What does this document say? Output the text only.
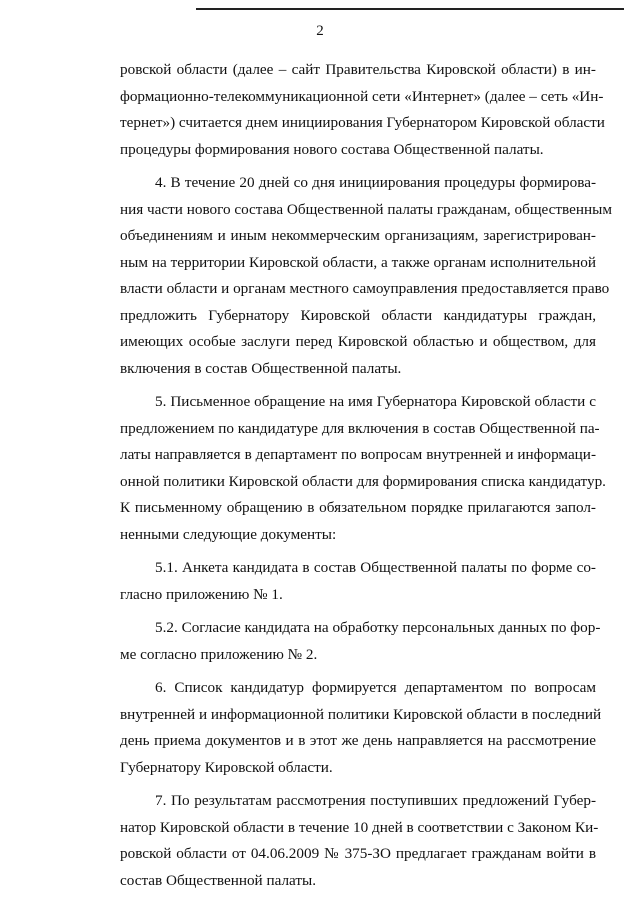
2
ровской области (далее – сайт Правительства Кировской области) в ин-
формационно-телекоммуникационной сети «Интернет» (далее – сеть «Ин-
тернет») считается днем инициирования Губернатором Кировской области
процедуры формирования нового состава Общественной палаты.
4. В течение 20 дней со дня инициирования процедуры формирова-
ния части нового состава Общественной палаты гражданам, общественным
объединениям и иным некоммерческим организациям, зарегистрирован-
ным на территории Кировской области, а также органам исполнительной
власти области и органам местного самоуправления предоставляется право
предложить Губернатору Кировской области кандидатуры граждан,
имеющих особые заслуги перед Кировской областью и обществом, для
включения в состав Общественной палаты.
5. Письменное обращение на имя Губернатора Кировской области с
предложением по кандидатуре для включения в состав Общественной па-
латы направляется в департамент по вопросам внутренней и информаци-
онной политики Кировской области для формирования списка кандидатур.
К письменному обращению в обязательном порядке прилагаются запол-
ненными следующие документы:
5.1. Анкета кандидата в состав Общественной палаты по форме со-
гласно приложению № 1.
5.2. Согласие кандидата на обработку персональных данных по фор-
ме согласно приложению № 2.
6. Список кандидатур формируется департаментом по вопросам
внутренней и информационной политики Кировской области в последний
день приема документов и в этот же день направляется на рассмотрение
Губернатору Кировской области.
7. По результатам рассмотрения поступивших предложений Губер-
натор Кировской области в течение 10 дней в соответствии с Законом Ки-
ровской области от 04.06.2009 № 375-ЗО предлагает гражданам войти в
состав Общественной палаты.
